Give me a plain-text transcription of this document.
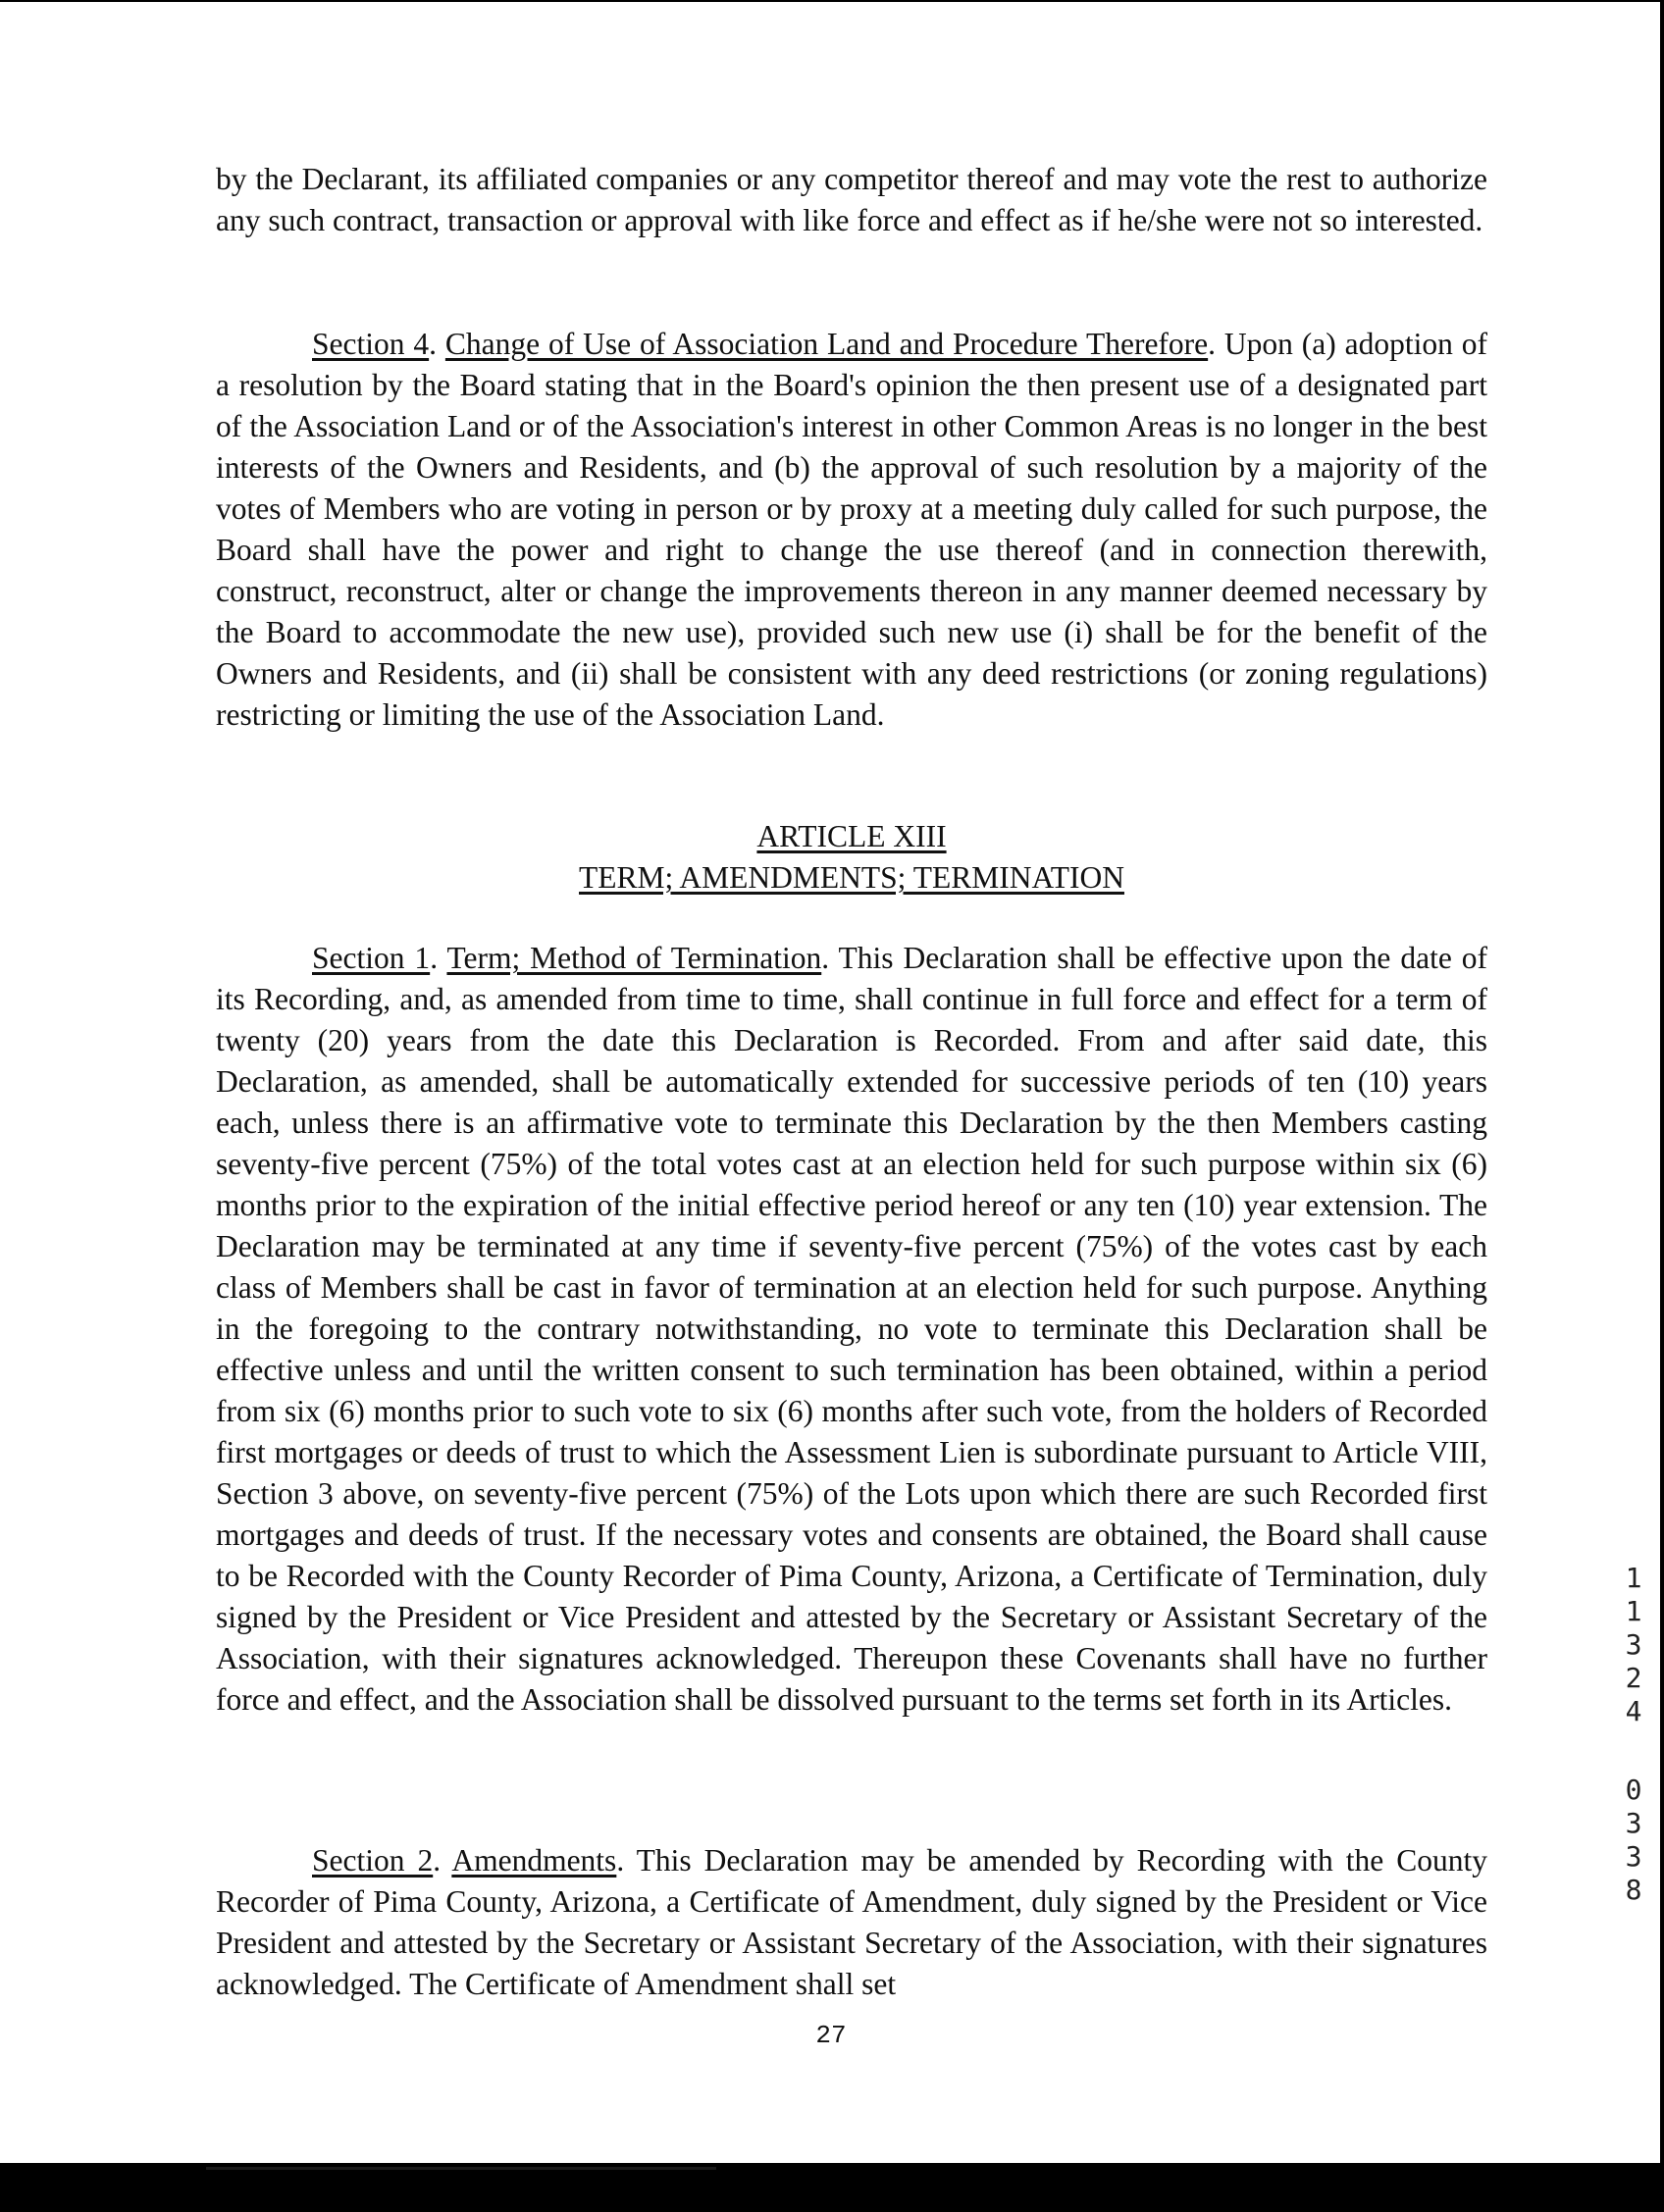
by the Declarant, its affiliated companies or any competitor thereof and may vote the rest to authorize any such contract, transaction or approval with like force and effect as if he/she were not so interested.

Section 4. Change of Use of Association Land and Procedure Therefore. Upon (a) adoption of a resolution by the Board stating that in the Board's opinion the then present use of a designated part of the Association Land or of the Association's interest in other Common Areas is no longer in the best interests of the Owners and Residents, and (b) the approval of such resolution by a majority of the votes of Members who are voting in person or by proxy at a meeting duly called for such purpose, the Board shall have the power and right to change the use thereof (and in connection therewith, construct, reconstruct, alter or change the improvements thereon in any manner deemed necessary by the Board to accommodate the new use), provided such new use (i) shall be for the benefit of the Owners and Residents, and (ii) shall be consistent with any deed restrictions (or zoning regulations) restricting or limiting the use of the Association Land.

ARTICLE XIII
TERM; AMENDMENTS; TERMINATION

Section 1. Term; Method of Termination. This Declaration shall be effective upon the date of its Recording, and, as amended from time to time, shall continue in full force and effect for a term of twenty (20) years from the date this Declaration is Recorded. From and after said date, this Declaration, as amended, shall be automatically extended for successive periods of ten (10) years each, unless there is an affirmative vote to terminate this Declaration by the then Members casting seventy-five percent (75%) of the total votes cast at an election held for such purpose within six (6) months prior to the expiration of the initial effective period hereof or any ten (10) year extension. The Declaration may be terminated at any time if seventy-five percent (75%) of the votes cast by each class of Members shall be cast in favor of termination at an election held for such purpose. Anything in the foregoing to the contrary notwithstanding, no vote to terminate this Declaration shall be effective unless and until the written consent to such termination has been obtained, within a period from six (6) months prior to such vote to six (6) months after such vote, from the holders of Recorded first mortgages or deeds of trust to which the Assessment Lien is subordinate pursuant to Article VIII, Section 3 above, on seventy-five percent (75%) of the Lots upon which there are such Recorded first mortgages and deeds of trust. If the necessary votes and consents are obtained, the Board shall cause to be Recorded with the County Recorder of Pima County, Arizona, a Certificate of Termination, duly signed by the President or Vice President and attested by the Secretary or Assistant Secretary of the Association, with their signatures acknowledged. Thereupon these Covenants shall have no further force and effect, and the Association shall be dissolved pursuant to the terms set forth in its Articles.

Section 2. Amendments. This Declaration may be amended by Recording with the County Recorder of Pima County, Arizona, a Certificate of Amendment, duly signed by the President or Vice President and attested by the Secretary or Assistant Secretary of the Association, with their signatures acknowledged. The Certificate of Amendment shall set

27
1
1
3
2
4
0
3
3
8
